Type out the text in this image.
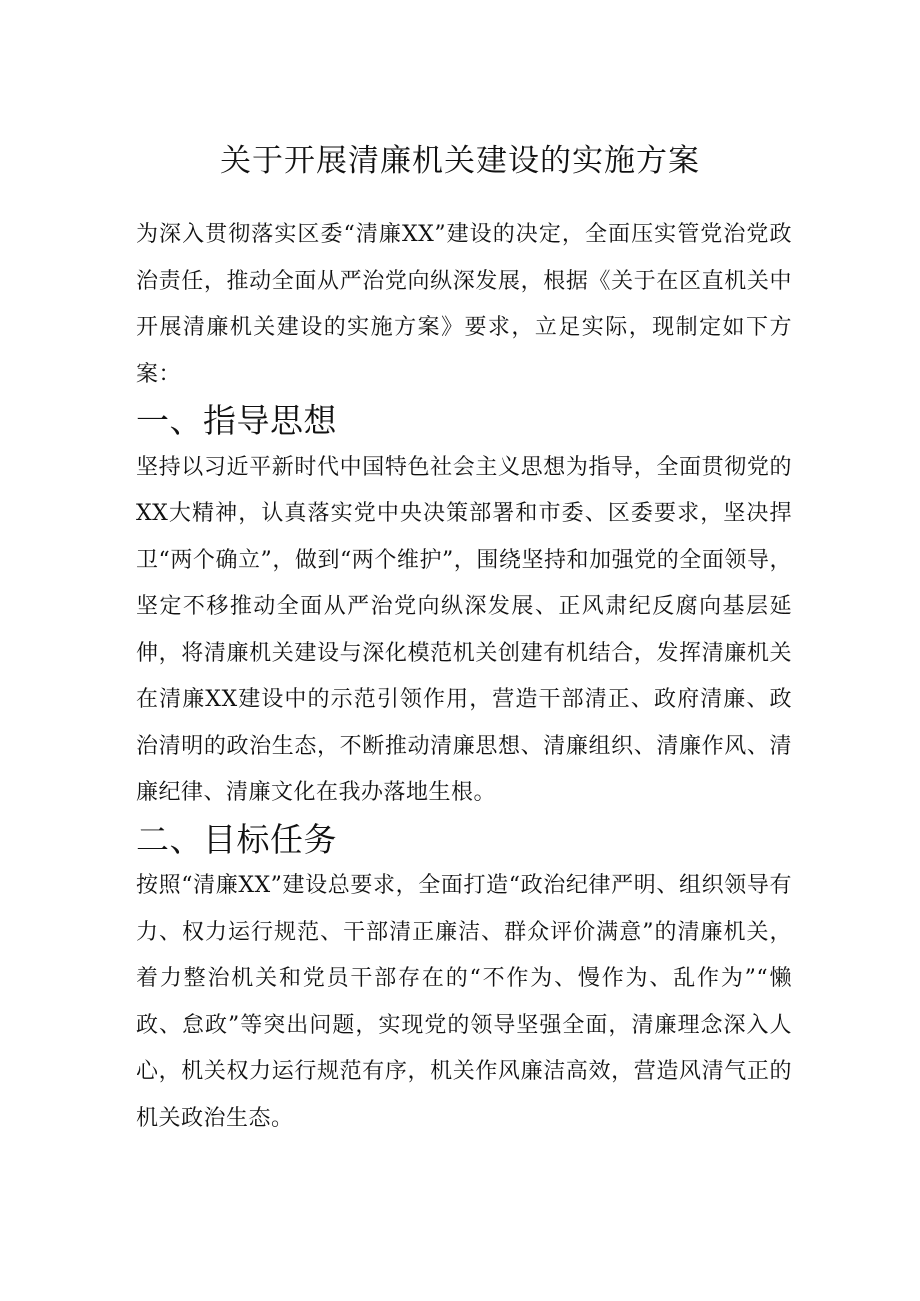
关于开展清廉机关建设的实施方案

为深入贯彻落实区委“清廉XX”建设的决定，全面压实管党治党政治责任，推动全面从严治党向纵深发展，根据《关于在区直机关中开展清廉机关建设的实施方案》要求，立足实际，现制定如下方案：

一、指导思想

坚持以习近平新时代中国特色社会主义思想为指导，全面贯彻党的XX大精神，认真落实党中央决策部署和市委、区委要求，坚决捍卫“两个确立”，做到“两个维护”，围绕坚持和加强党的全面领导，坚定不移推动全面从严治党向纵深发展、正风肃纪反腐向基层延伸，将清廉机关建设与深化模范机关创建有机结合，发挥清廉机关在清廉XX建设中的示范引领作用，营造干部清正、政府清廉、政治清明的政治生态，不断推动清廉思想、清廉组织、清廉作风、清廉纪律、清廉文化在我办落地生根。

二、目标任务

按照“清廉XX”建设总要求，全面打造“政治纪律严明、组织领导有力、权力运行规范、干部清正廉洁、群众评价满意”的清廉机关，着力整治机关和党员干部存在的“不作为、慢作为、乱作为”“懒政、怠政”等突出问题，实现党的领导坚强全面，清廉理念深入人心，机关权力运行规范有序，机关作风廉洁高效，营造风清气正的机关政治生态。
